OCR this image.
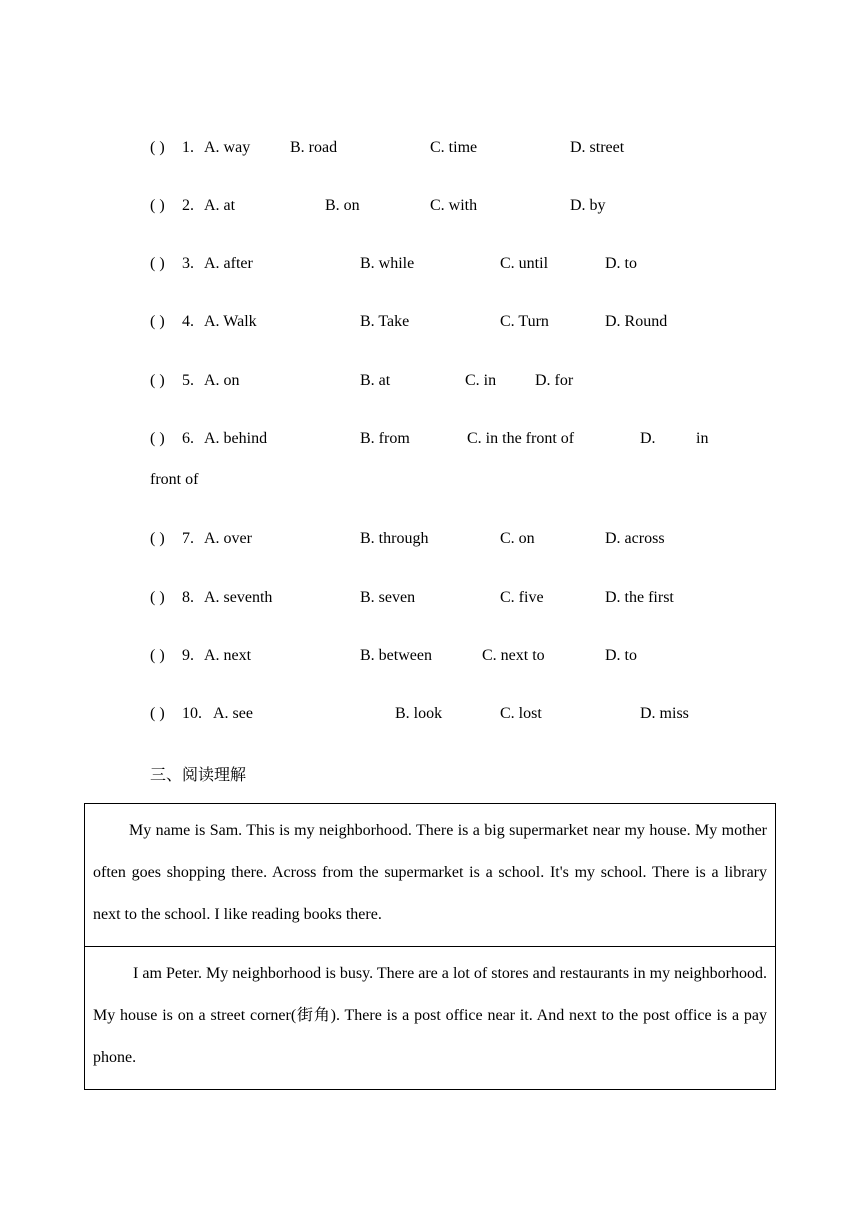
( ) 1. A. way B. road	C. time	D. street
( ) 2. A. at	B. on	C. with	D. by
( ) 3. A. after	B. while	C. until	D. to
( ) 4. A. Walk	B. Take	C. Turn	D. Round
( ) 5. A. on	B. at	C. in D. for
( ) 6. A. behind	B. from	C. in the front of	D.	in
front of
( ) 7. A. over	B. through	C. on	D. across
( ) 8. A. seventh	B. seven	C. five	D. the first
( ) 9. A. next	B. between	C. next to	D. to
( ) 10. A. see	B. look	C. lost	D. miss
三、阅读理解
My name is Sam. This is my neighborhood. There is a big supermarket near my house. My mother often goes shopping there. Across from the supermarket is a school. It's my school. There is a library next to the school. I like reading books there.
I am Peter. My neighborhood is busy. There are a lot of stores and restaurants in my neighborhood. My house is on a street corner(街角). There is a post office near it. And next to the post office is a pay phone.
